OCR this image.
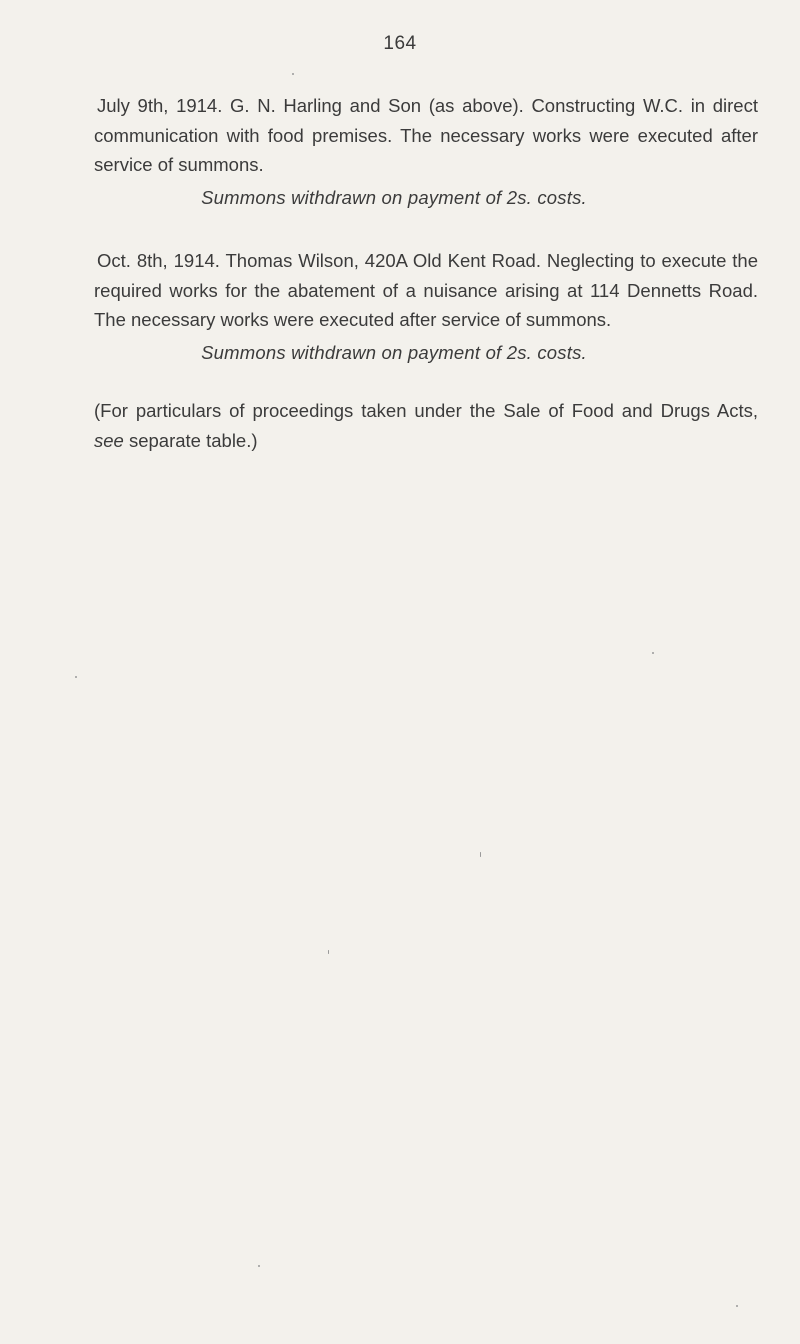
164

July 9th, 1914. G. N. Harling and Son (as above). Constructing W.C. in direct communication with food premises. The necessary works were executed after service of summons.

Summons withdrawn on payment of 2s. costs.

Oct. 8th, 1914. Thomas Wilson, 420A Old Kent Road. Neglecting to execute the required works for the abatement of a nuisance arising at 114 Dennetts Road. The necessary works were executed after service of summons.

Summons withdrawn on payment of 2s. costs.

(For particulars of proceedings taken under the Sale of Food and Drugs Acts, see separate table.)
